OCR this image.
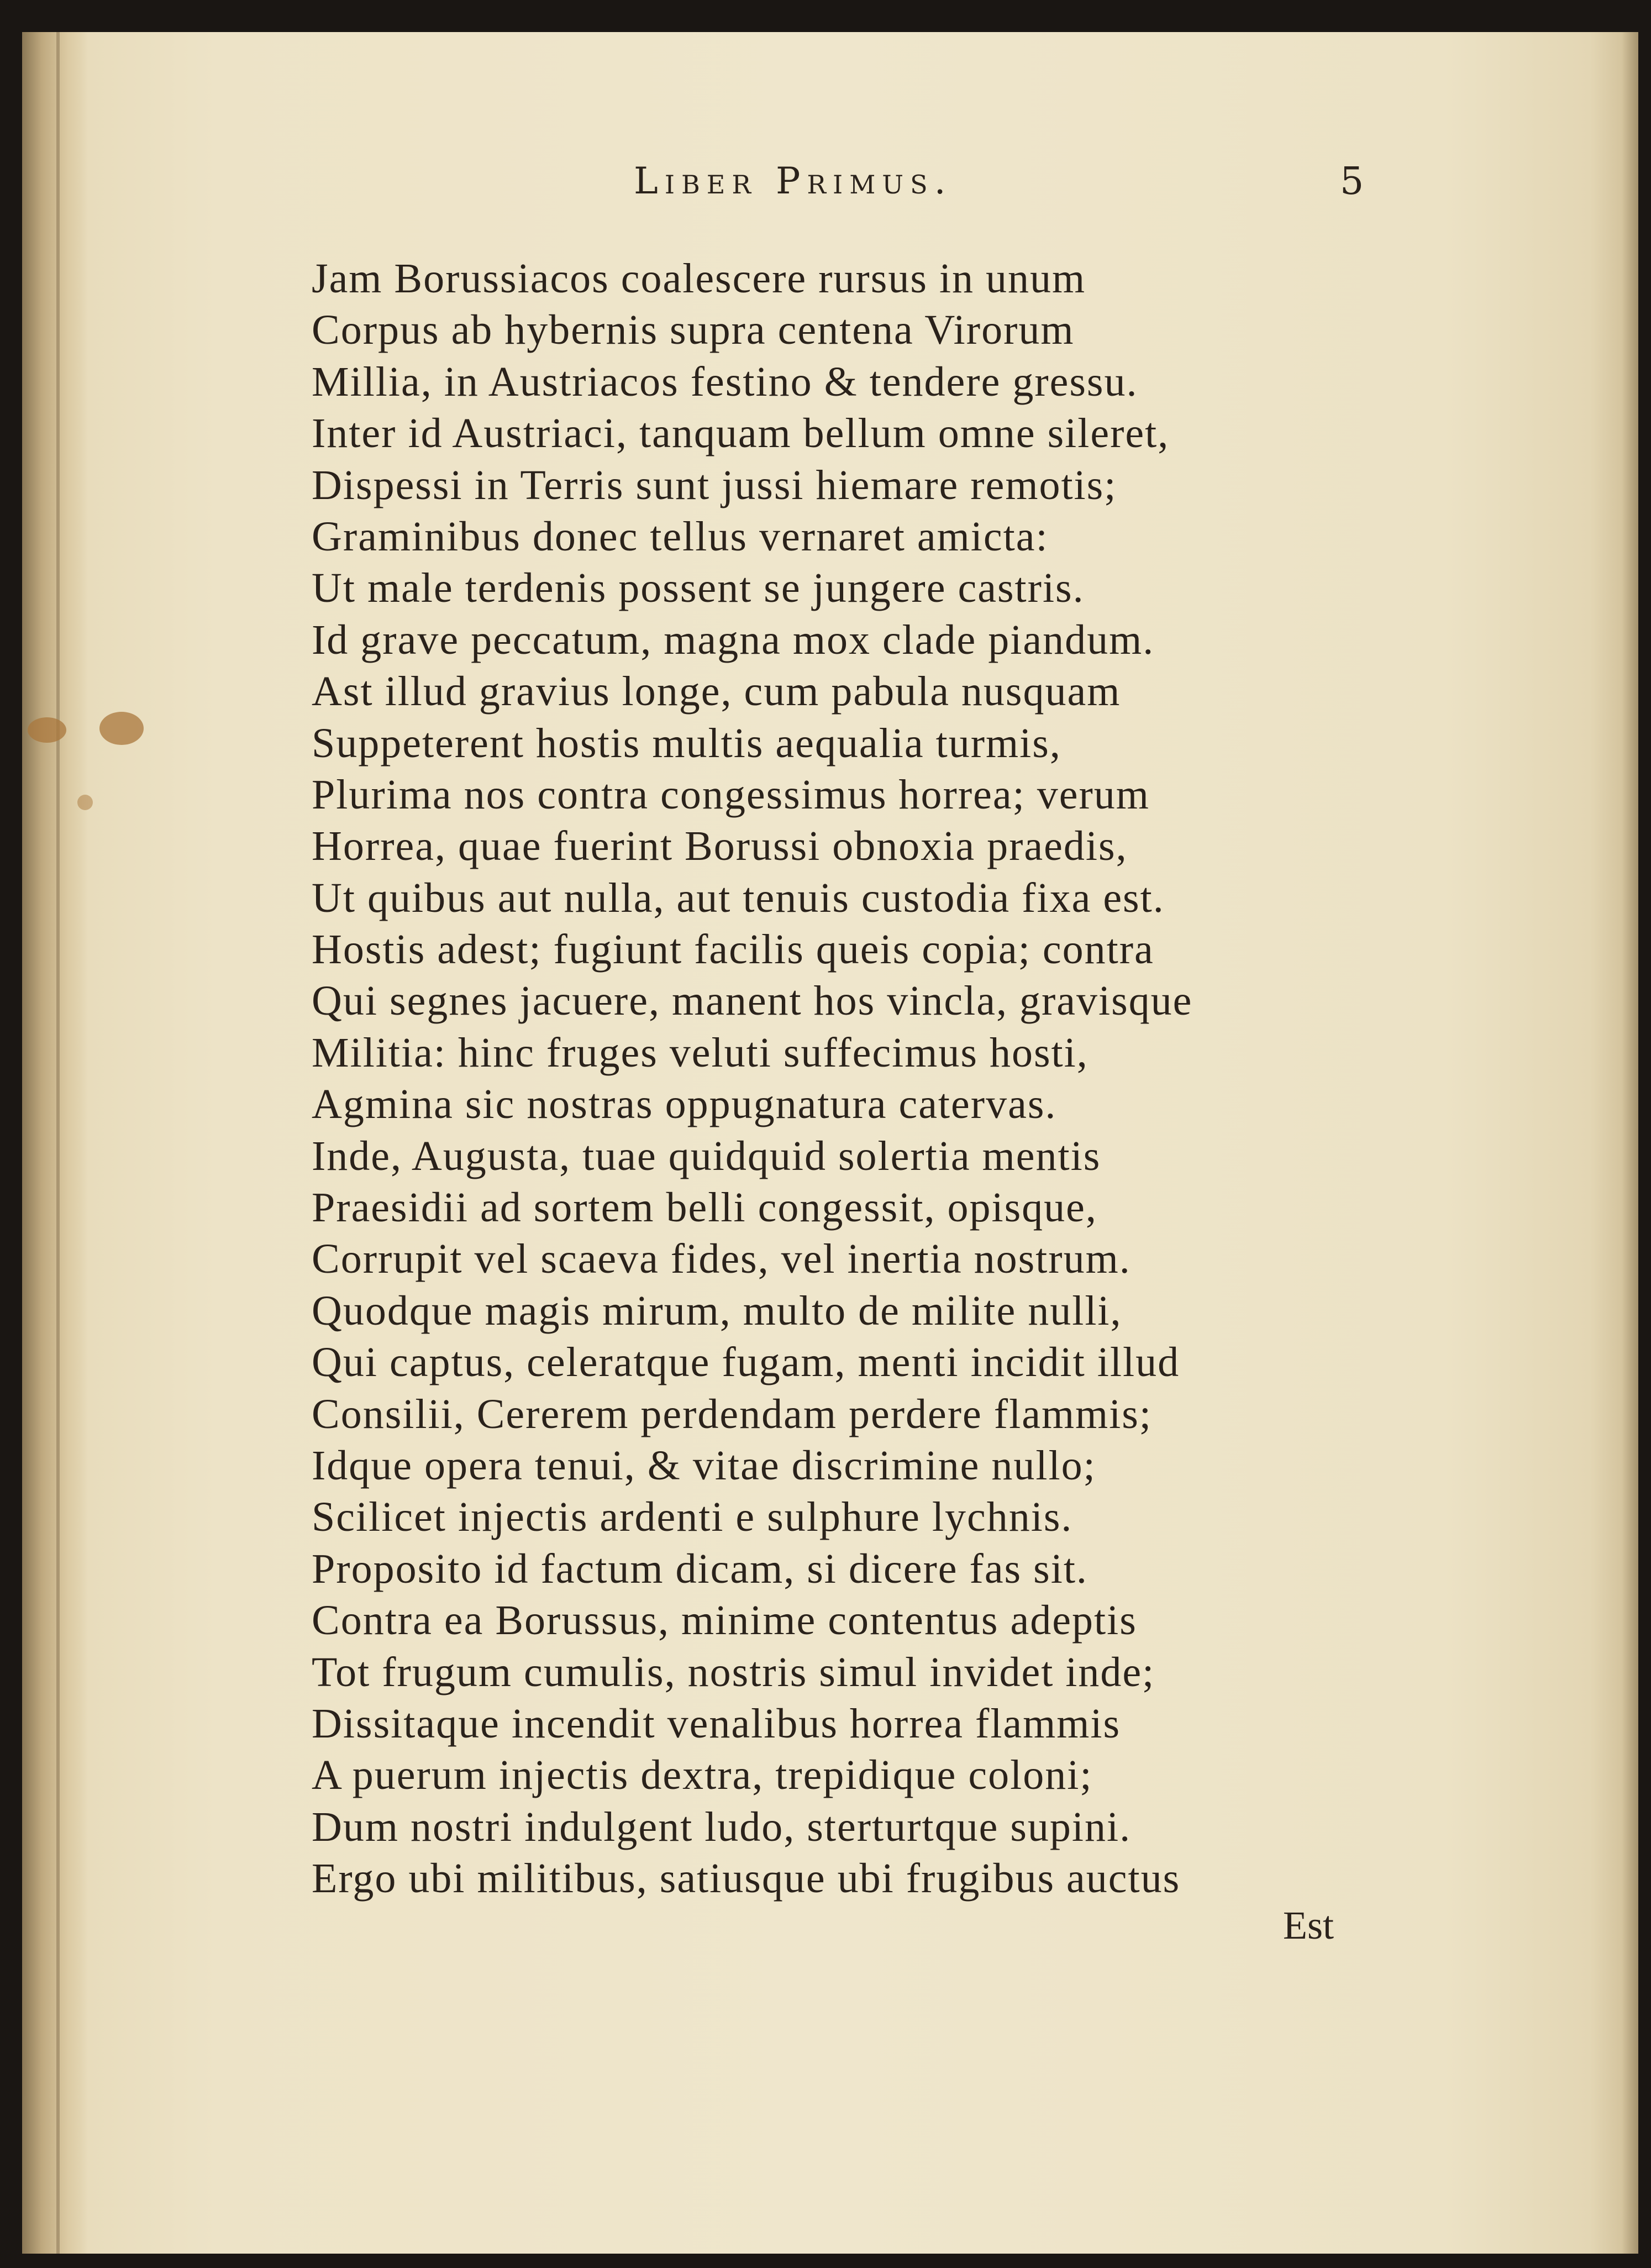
Liber Primus.	5
Jam Borussiacos coalescere rursus in unum
Corpus ab hybernis supra centena Virorum
Millia, in Austriacos festino & tendere gressu.
Inter id Austriaci, tanquam bellum omne sileret,
Dispessi in Terris sunt jussi hiemare remotis;
Graminibus donec tellus vernaret amicta:
Ut male terdenis possent se jungere castris.
Id grave peccatum, magna mox clade piandum.
Ast illud gravius longe, cum pabula nusquam
Suppeterent hostis multis aequalia turmis,
Plurima nos contra congessimus horrea; verum
Horrea, quae fuerint Borussi obnoxia praedis,
Ut quibus aut nulla, aut tenuis custodia fixa est.
Hostis adest; fugiunt facilis queis copia; contra
Qui segnes jacuere, manent hos vincla, gravisque
Militia: hinc fruges veluti suffecimus hosti,
Agmina sic nostras oppugnatura catervas.
Inde, Augusta, tuae quidquid solertia mentis
Praesidii ad sortem belli congessit, opisque,
Corrupit vel scaeva fides, vel inertia nostrum.
Quodque magis mirum, multo de milite nulli,
Qui captus, celeratque fugam, menti incidit illud
Consilii, Cererem perdendam perdere flammis;
Idque opera tenui, & vitae discrimine nullo;
Scilicet injectis ardenti e sulphure lychnis.
Proposito id factum dicam, si dicere fas sit.
Contra ea Borussus, minime contentus adeptis
Tot frugum cumulis, nostris simul invidet inde;
Dissitaque incendit venalibus horrea flammis
A puerum injectis dextra, trepidique coloni;
Dum nostri indulgent ludo, sterturtque supini.
Ergo ubi militibus, satiusque ubi frugibus auctus
Est
